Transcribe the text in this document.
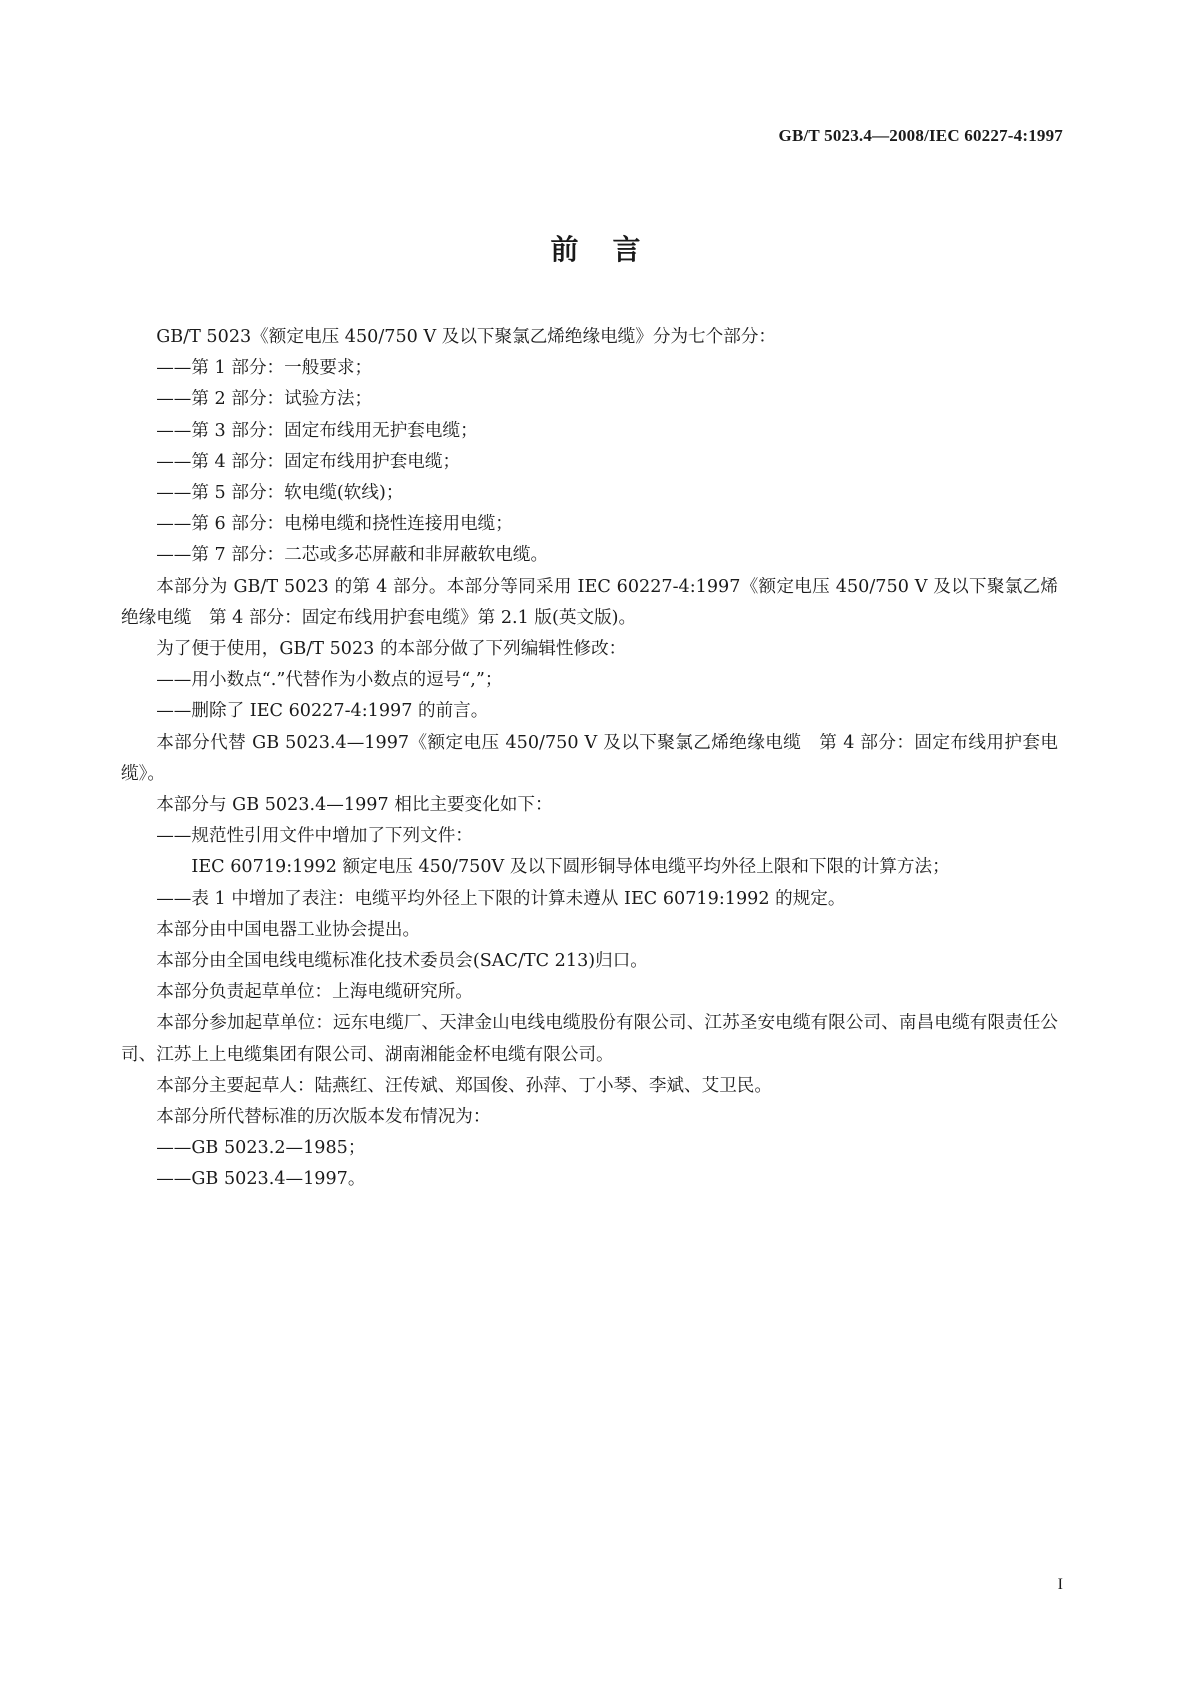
GB/T 5023.4—2008/IEC 60227-4:1997
前言

GB/T 5023《额定电压 450/750 V 及以下聚氯乙烯绝缘电缆》分为七个部分：

——第 1 部分：一般要求；

——第 2 部分：试验方法；

——第 3 部分：固定布线用无护套电缆；

——第 4 部分：固定布线用护套电缆；

——第 5 部分：软电缆(软线)；

——第 6 部分：电梯电缆和挠性连接用电缆；

——第 7 部分：二芯或多芯屏蔽和非屏蔽软电缆。

本部分为 GB/T 5023 的第 4 部分。本部分等同采用 IEC 60227-4:1997《额定电压 450/750 V 及以下聚氯乙烯绝缘电缆　第 4 部分：固定布线用护套电缆》第 2.1 版(英文版)。

为了便于使用，GB/T 5023 的本部分做了下列编辑性修改：

——用小数点“.”代替作为小数点的逗号“,”；

——删除了 IEC 60227-4:1997 的前言。

本部分代替 GB 5023.4—1997《额定电压 450/750 V 及以下聚氯乙烯绝缘电缆　第 4 部分：固定布线用护套电缆》。

本部分与 GB 5023.4—1997 相比主要变化如下：

——规范性引用文件中增加了下列文件：

IEC 60719:1992 额定电压 450/750V 及以下圆形铜导体电缆平均外径上限和下限的计算方法；

——表 1 中增加了表注：电缆平均外径上下限的计算未遵从 IEC 60719:1992 的规定。

本部分由中国电器工业协会提出。

本部分由全国电线电缆标准化技术委员会(SAC/TC 213)归口。

本部分负责起草单位：上海电缆研究所。

本部分参加起草单位：远东电缆厂、天津金山电线电缆股份有限公司、江苏圣安电缆有限公司、南昌电缆有限责任公司、江苏上上电缆集团有限公司、湖南湘能金杯电缆有限公司。

本部分主要起草人：陆燕红、汪传斌、郑国俊、孙萍、丁小琴、李斌、艾卫民。

本部分所代替标准的历次版本发布情况为：

——GB 5023.2—1985；

——GB 5023.4—1997。

I
